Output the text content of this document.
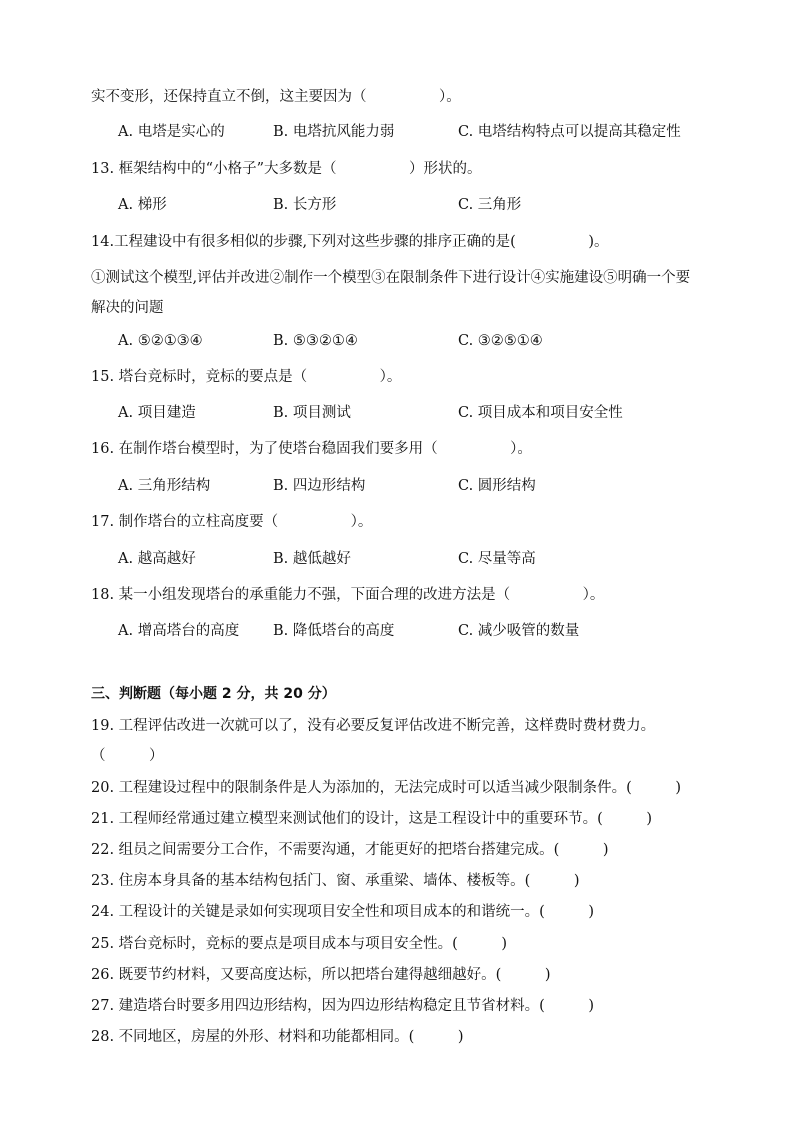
实不变形，还保持直立不倒，这主要因为（　　　　　）。
A. 电塔是实心的	B. 电塔抗风能力弱	C. 电塔结构特点可以提高其稳定性
13. 框架结构中的“小格子”大多数是（　　　　　）形状的。
A. 梯形	B. 长方形	C. 三角形
14.工程建设中有很多相似的步骤,下列对这些步骤的排序正确的是(　　　　　)。
①测试这个模型,评估并改进②制作一个模型③在限制条件下进行设计④实施建设⑤明确一个要
解决的问题
A. ⑤②①③④	B. ⑤③②①④	C. ③②⑤①④
15. 塔台竞标时，竞标的要点是（　　　　　）。
A. 项目建造	B. 项目测试	C. 项目成本和项目安全性
16. 在制作塔台模型时，为了使塔台稳固我们要多用（　　　　　）。
A. 三角形结构	B. 四边形结构	C. 圆形结构
17. 制作塔台的立柱高度要（　　　　　）。
A. 越高越好	B. 越低越好	C. 尽量等高
18. 某一小组发现塔台的承重能力不强，下面合理的改进方法是（　　　　　）。
A. 增高塔台的高度 B. 降低塔台的高度	C. 减少吸管的数量
三、判断题（每小题 2 分，共 20 分）
19. 工程评估改进一次就可以了，没有必要反复评估改进不断完善，这样费时费材费力。
（　　　）
20. 工程建设过程中的限制条件是人为添加的，无法完成时可以适当减少限制条件。(　　　)
21. 工程师经常通过建立模型来测试他们的设计，这是工程设计中的重要环节。(　　　)
22. 组员之间需要分工合作，不需要沟通，才能更好的把塔台搭建完成。(　　　)
23. 住房本身具备的基本结构包括门、窗、承重梁、墙体、楼板等。(　　　)
24. 工程设计的关键是录如何实现项目安全性和项目成本的和谐统一。(　　　)
25. 塔台竞标时，竞标的要点是项目成本与项目安全性。(　　　)
26. 既要节约材料，又要高度达标，所以把塔台建得越细越好。(　　　)
27. 建造塔台时要多用四边形结构，因为四边形结构稳定且节省材料。(　　　)
28. 不同地区，房屋的外形、材料和功能都相同。(　　　)
